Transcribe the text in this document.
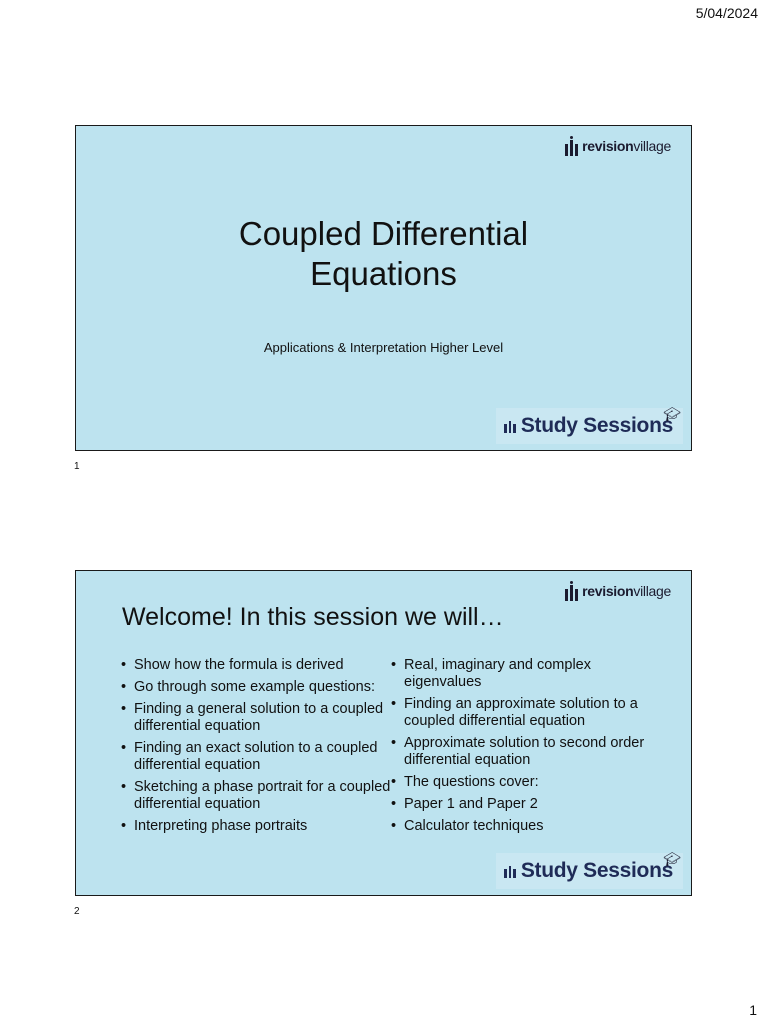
5/04/2024
revisionvillage
Coupled Differential
Equations
Applications & Interpretation Higher Level
Study Sessions
🎓︎
1
revisionvillage
Welcome! In this session we will…
• Show how the formula is derived
• Go through some example questions:
• Finding a general solution to a coupled differential equation
• Finding an exact solution to a coupled differential equation
• Sketching a phase portrait for a coupled differential equation
• Interpreting phase portraits
• Real, imaginary and complex eigenvalues
• Finding an approximate solution to a coupled differential equation
• Approximate solution to second order differential equation
• The questions cover:
• Paper 1 and Paper 2
• Calculator techniques
Study Sessions
🎓︎
2
1
